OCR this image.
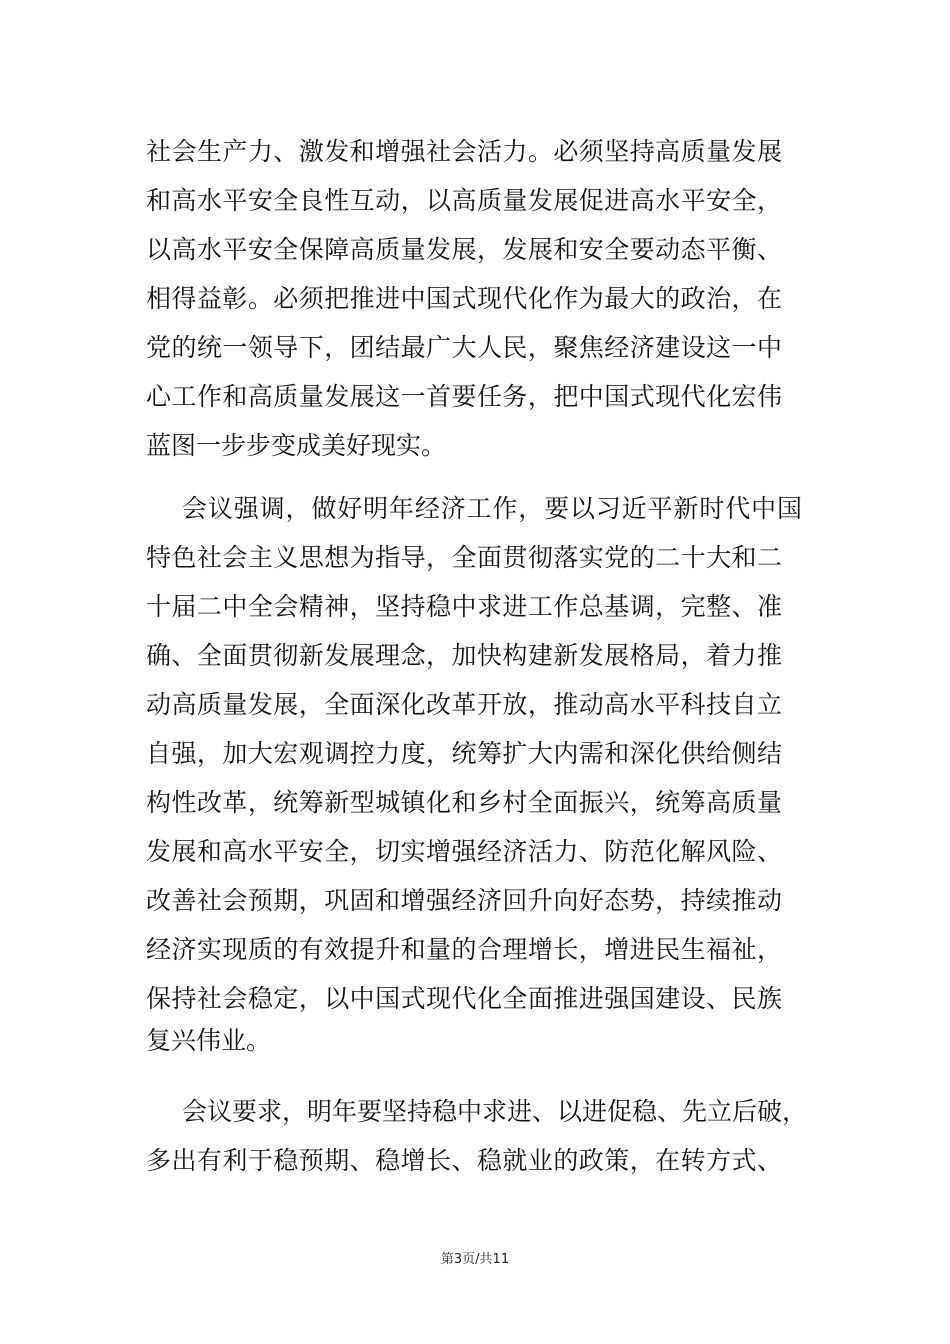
社会生产力、激发和增强社会活力。必须坚持高质量发展
和高水平安全良性互动，以高质量发展促进高水平安全，
以高水平安全保障高质量发展，发展和安全要动态平衡、
相得益彰。必须把推进中国式现代化作为最大的政治，在
党的统一领导下，团结最广大人民，聚焦经济建设这一中
心工作和高质量发展这一首要任务，把中国式现代化宏伟
蓝图一步步变成美好现实。
会议强调，做好明年经济工作，要以习近平新时代中国
特色社会主义思想为指导，全面贯彻落实党的二十大和二
十届二中全会精神，坚持稳中求进工作总基调，完整、准
确、全面贯彻新发展理念，加快构建新发展格局，着力推
动高质量发展，全面深化改革开放，推动高水平科技自立
自强，加大宏观调控力度，统筹扩大内需和深化供给侧结
构性改革，统筹新型城镇化和乡村全面振兴，统筹高质量
发展和高水平安全，切实增强经济活力、防范化解风险、
改善社会预期，巩固和增强经济回升向好态势，持续推动
经济实现质的有效提升和量的合理增长，增进民生福祉，
保持社会稳定，以中国式现代化全面推进强国建设、民族
复兴伟业。
会议要求，明年要坚持稳中求进、以进促稳、先立后破，
多出有利于稳预期、稳增长、稳就业的政策，在转方式、
第3页/共11
